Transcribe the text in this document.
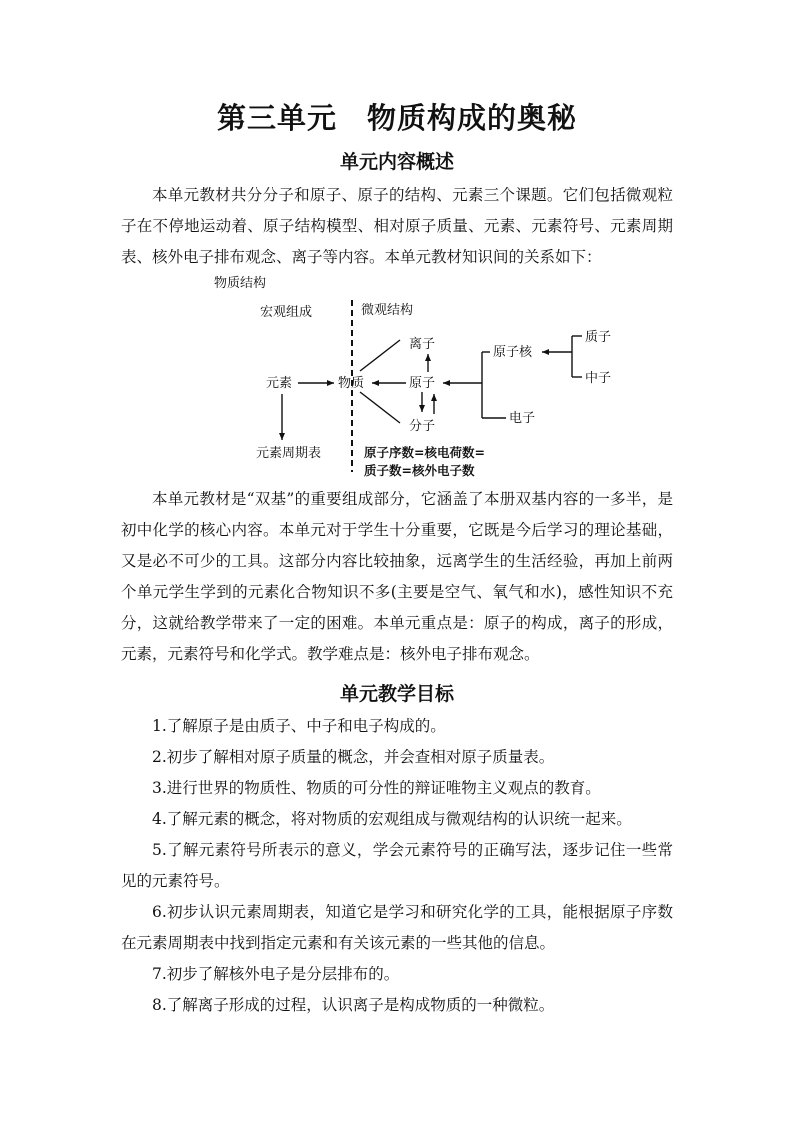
第三单元　物质构成的奥秘
单元内容概述

本单元教材共分分子和原子、原子的结构、元素三个课题。它们包括微观粒子在不停地运动着、原子结构模型、相对原子质量、元素、元素符号、元素周期表、核外电子排布观念、离子等内容。本单元教材知识间的关系如下：

物质结构
宏观组成	微观结构
元素	物质
元素周期表
离子
原子
分子
原子核
电子
质子
中子
原子序数=核电荷数=
质子数=核外电子数

本单元教材是“双基”的重要组成部分，它涵盖了本册双基内容的一多半，是初中化学的核心内容。本单元对于学生十分重要，它既是今后学习的理论基础，又是必不可少的工具。这部分内容比较抽象，远离学生的生活经验，再加上前两个单元学生学到的元素化合物知识不多(主要是空气、氧气和水)，感性知识不充分，这就给教学带来了一定的困难。本单元重点是：原子的构成，离子的形成，元素，元素符号和化学式。教学难点是：核外电子排布观念。

单元教学目标

1.了解原子是由质子、中子和电子构成的。

2.初步了解相对原子质量的概念，并会查相对原子质量表。

3.进行世界的物质性、物质的可分性的辩证唯物主义观点的教育。

4.了解元素的概念，将对物质的宏观组成与微观结构的认识统一起来。

5.了解元素符号所表示的意义，学会元素符号的正确写法，逐步记住一些常见的元素符号。

6.初步认识元素周期表，知道它是学习和研究化学的工具，能根据原子序数在元素周期表中找到指定元素和有关该元素的一些其他的信息。

7.初步了解核外电子是分层排布的。

8.了解离子形成的过程，认识离子是构成物质的一种微粒。
